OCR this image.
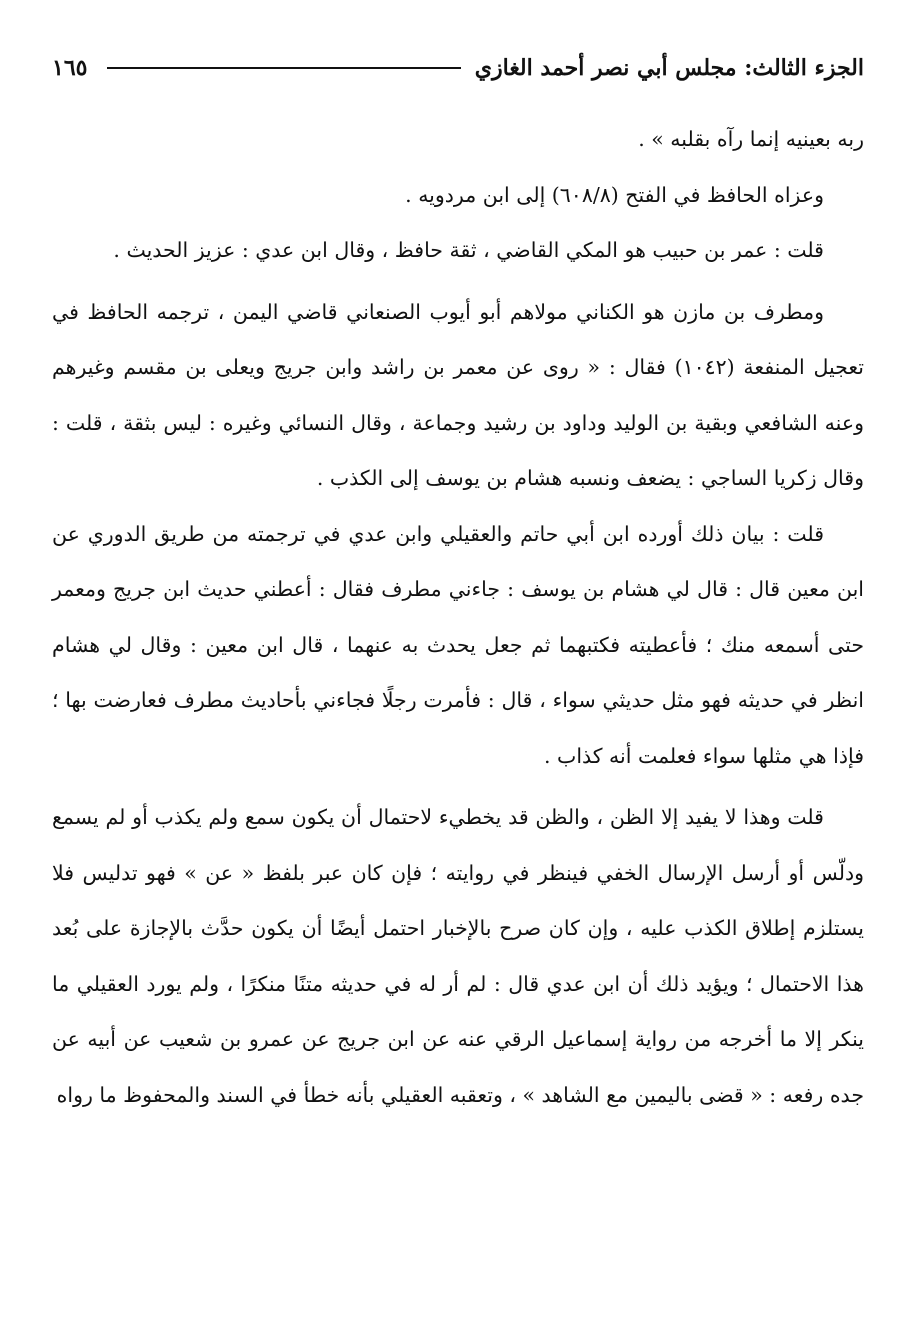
الجزء الثالث: مجلس أبي نصر أحمد الغازي
١٦٥

ربه بعينيه إنما رآه بقلبه » .

وعزاه الحافظ في الفتح (٦٠٨/٨) إلى ابن مردويه .

قلت : عمر بن حبيب هو المكي القاضي ، ثقة حافظ ، وقال ابن عدي : عزيز الحديث .

ومطرف بن مازن هو الكناني مولاهم أبو أيوب الصنعاني قاضي اليمن ، ترجمه الحافظ في تعجيل المنفعة (١٠٤٢) فقال : « روى عن معمر بن راشد وابن جريج ويعلى بن مقسم وغيرهم وعنه الشافعي وبقية بن الوليد وداود بن رشيد وجماعة ، وقال النسائي وغيره : ليس بثقة ، قلت : وقال زكريا الساجي : يضعف ونسبه هشام بن يوسف إلى الكذب .

قلت : بيان ذلك أورده ابن أبي حاتم والعقيلي وابن عدي في ترجمته من طريق الدوري عن ابن معين قال : قال لي هشام بن يوسف : جاءني مطرف فقال : أعطني حديث ابن جريج ومعمر حتى أسمعه منك ؛ فأعطيته فكتبهما ثم جعل يحدث به عنهما ، قال ابن معين : وقال لي هشام انظر في حديثه فهو مثل حديثي سواء ، قال : فأمرت رجلًا فجاءني بأحاديث مطرف فعارضت بها ؛ فإذا هي مثلها سواء فعلمت أنه كذاب .

قلت وهذا لا يفيد إلا الظن ، والظن قد يخطيء لاحتمال أن يكون سمع ولم يكذب أو لم يسمع ودلّس أو أرسل الإرسال الخفي فينظر في روايته ؛ فإن كان عبر بلفظ « عن » فهو تدليس فلا يستلزم إطلاق الكذب عليه ، وإن كان صرح بالإخبار احتمل أيضًا أن يكون حدَّث بالإجازة على بُعد هذا الاحتمال ؛ ويؤيد ذلك أن ابن عدي قال : لم أر له في حديثه متنًا منكرًا ، ولم يورد العقيلي ما ينكر إلا ما أخرجه من رواية إسماعيل الرقي عنه عن ابن جريج عن عمرو بن شعيب عن أبيه عن جده رفعه : « قضى باليمين مع الشاهد » ، وتعقبه العقيلي بأنه خطأ في السند والمحفوظ ما رواه
